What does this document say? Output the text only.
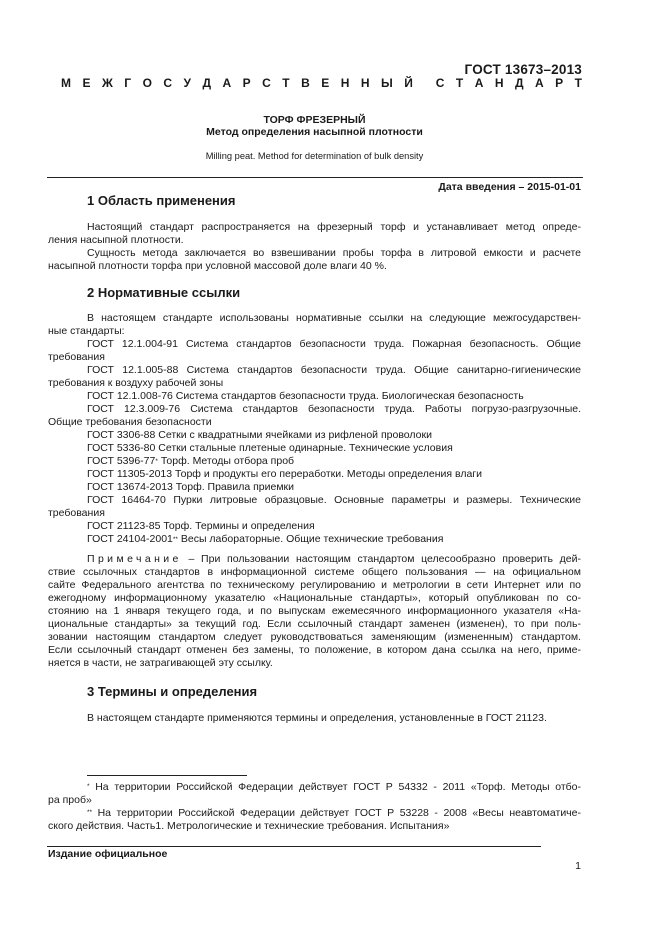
ГОСТ 13673–2013
М Е Ж Г О С У Д А Р С Т В Е Н Н Ы Й С Т А Н Д А Р Т
ТОРФ ФРЕЗЕРНЫЙ
Метод определения насыпной плотности
Milling peat. Method for determination of bulk density
Дата введения – 2015-01-01
1 Область применения
Настоящий стандарт распространяется на фрезерный торф и устанавливает метод опреде-
ления насыпной плотности.
Сущность метода заключается во взвешивании пробы торфа в литровой емкости и расчете
насыпной плотности торфа при условной массовой доле влаги 40 %.
2 Нормативные ссылки
В настоящем стандарте использованы нормативные ссылки на следующие межгосударствен-
ные стандарты:
ГОСТ 12.1.004-91 Система стандартов безопасности труда. Пожарная безопасность. Общие
требования
ГОСТ 12.1.005-88 Система стандартов безопасности труда. Общие санитарно-гигиенические
требования к воздуху рабочей зоны
ГОСТ 12.1.008-76 Система стандартов безопасности труда. Биологическая безопасность
ГОСТ 12.3.009-76 Система стандартов безопасности труда. Работы погрузо-разгрузочные.
Общие требования безопасности
ГОСТ 3306-88 Сетки с квадратными ячейками из рифленой проволоки
ГОСТ 5336-80 Сетки стальные плетеные одинарные. Технические условия
ГОСТ 5396-77* Торф. Методы отбора проб
ГОСТ 11305-2013 Торф и продукты его переработки. Методы определения влаги
ГОСТ 13674-2013 Торф. Правила приемки
ГОСТ 16464-70 Пурки литровые образцовые. Основные параметры и размеры. Технические
требования
ГОСТ 21123-85 Торф. Термины и определения
ГОСТ 24104-2001** Весы лабораторные. Общие технические требования
Примечание – При пользовании настоящим стандартом целесообразно проверить дей-
ствие ссылочных стандартов в информационной системе общего пользования — на официальном
сайте Федерального агентства по техническому регулированию и метрологии в сети Интернет или по
ежегодному информационному указателю «Национальные стандарты», который опубликован по со-
стоянию на 1 января текущего года, и по выпускам ежемесячного информационного указателя «На-
циональные стандарты» за текущий год. Если ссылочный стандарт заменен (изменен), то при поль-
зовании настоящим стандартом следует руководствоваться заменяющим (измененным) стандартом.
Если ссылочный стандарт отменен без замены, то положение, в котором дана ссылка на него, приме-
няется в части, не затрагивающей эту ссылку.
3 Термины и определения
В настоящем стандарте применяются термины и определения, установленные в ГОСТ 21123.
* На территории Российской Федерации действует ГОСТ Р 54332 - 2011 «Торф. Методы отбо-
ра проб»
** На территории Российской Федерации действует ГОСТ Р 53228 - 2008 «Весы неавтоматиче-
ского действия. Часть1. Метрологические и технические требования. Испытания»
Издание официальное
1
